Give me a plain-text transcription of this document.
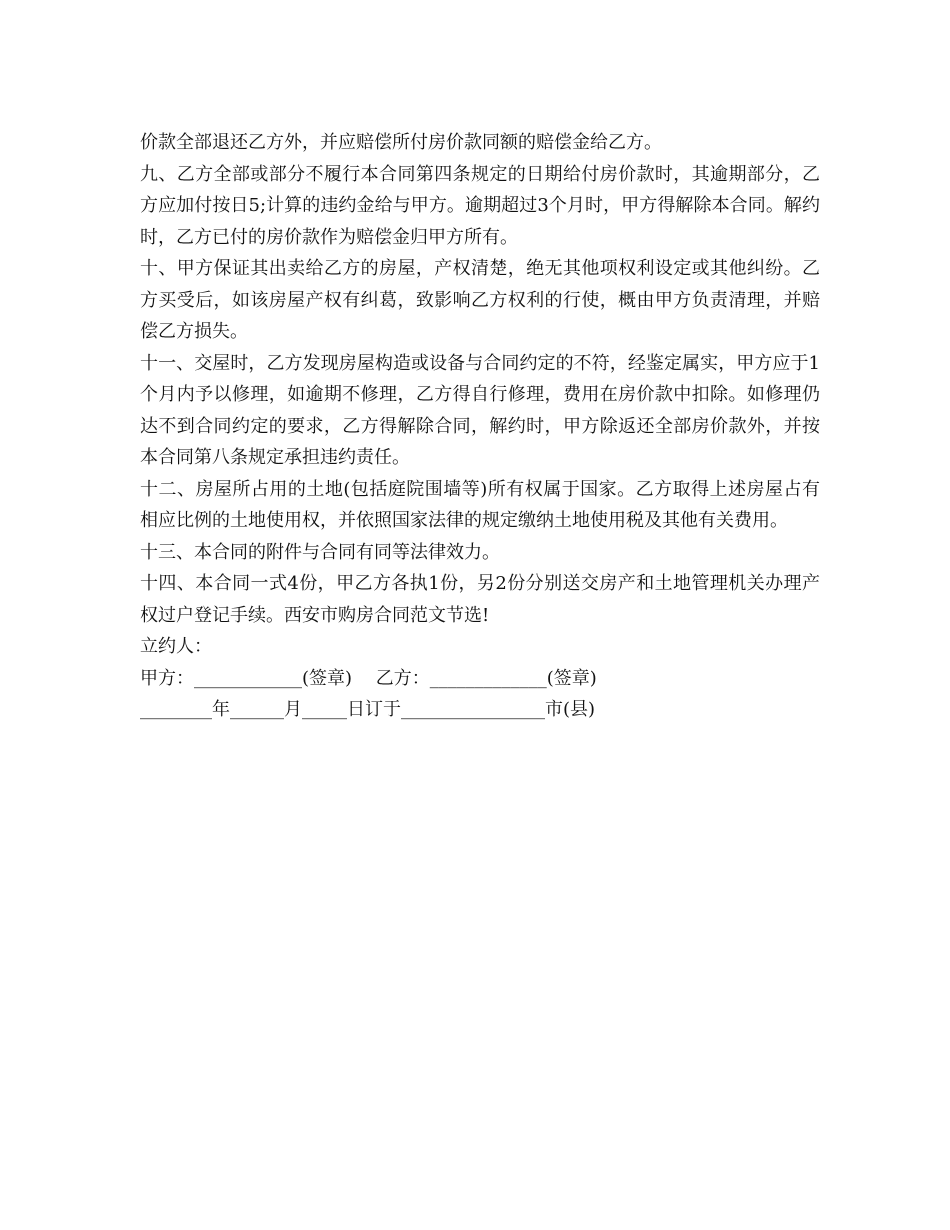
价款全部退还乙方外，并应赔偿所付房价款同额的赔偿金给乙方。

九、乙方全部或部分不履行本合同第四条规定的日期给付房价款时，其逾期部分，乙方应加付按日5;计算的违约金给与甲方。逾期超过3个月时，甲方得解除本合同。解约时，乙方已付的房价款作为赔偿金归甲方所有。

十、甲方保证其出卖给乙方的房屋，产权清楚，绝无其他项权利设定或其他纠纷。乙方买受后，如该房屋产权有纠葛，致影响乙方权利的行使，概由甲方负责清理，并赔偿乙方损失。

十一、交屋时，乙方发现房屋构造或设备与合同约定的不符，经鉴定属实，甲方应于1个月内予以修理，如逾期不修理，乙方得自行修理，费用在房价款中扣除。如修理仍达不到合同约定的要求，乙方得解除合同，解约时，甲方除返还全部房价款外，并按本合同第八条规定承担违约责任。

十二、房屋所占用的土地(包括庭院围墙等)所有权属于国家。乙方取得上述房屋占有相应比例的土地使用权，并依照国家法律的规定缴纳土地使用税及其他有关费用。

十三、本合同的附件与合同有同等法律效力。

十四、本合同一式4份，甲乙方各执1份，另2份分别送交房产和土地管理机关办理产权过户登记手续。西安市购房合同范文节选!

立约人：

甲方：____________(签章)　 乙方：_____________(签章)

________年______月_____日订于________________市(县)
